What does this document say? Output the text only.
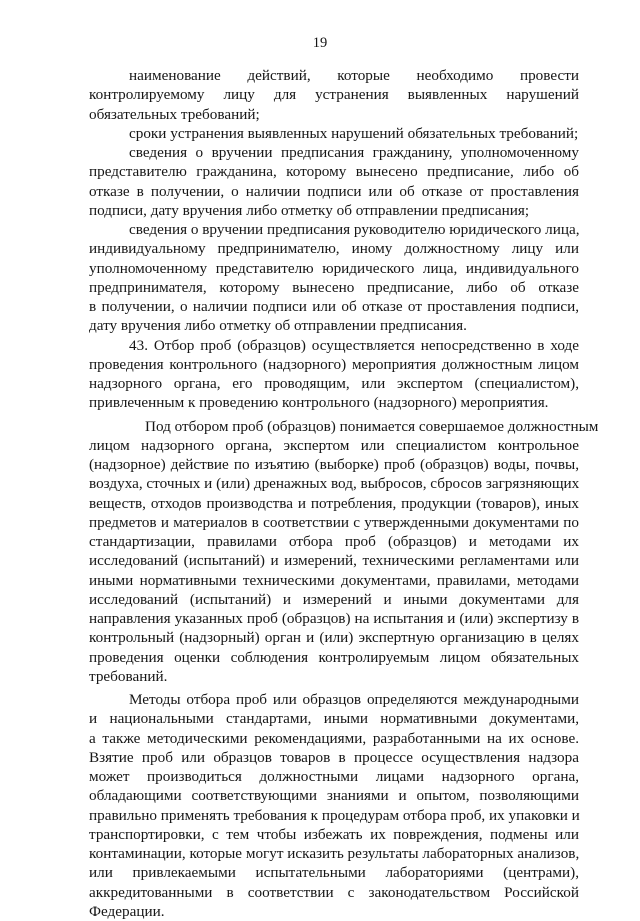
19
наименование действий, которые необходимо провести
контролируемому лицу для устранения выявленных нарушений
обязательных требований;
сроки устранения выявленных нарушений обязательных требований;
сведения о вручении предписания гражданину, уполномоченному
представителю гражданина, которому вынесено предписание, либо об
отказе в получении, о наличии подписи или об отказе от проставления
подписи, дату вручения либо отметку об отправлении предписания;
сведения о вручении предписания руководителю юридического лица,
индивидуальному предпринимателю, иному должностному лицу или
уполномоченному представителю юридического лица, индивидуального
предпринимателя, которому вынесено предписание, либо об отказе
в получении, о наличии подписи или об отказе от проставления подписи,
дату вручения либо отметку об отправлении предписания.
43. Отбор проб (образцов) осуществляется непосредственно в ходе
проведения контрольного (надзорного) мероприятия должностным лицом
надзорного органа, его проводящим, или экспертом (специалистом),
привлеченным к проведению контрольного (надзорного) мероприятия.
Под отбором проб (образцов) понимается совершаемое должностным
лицом надзорного органа, экспертом или специалистом контрольное
(надзорное) действие по изъятию (выборке) проб (образцов) воды, почвы,
воздуха, сточных и (или) дренажных вод, выбросов, сбросов загрязняющих
веществ, отходов производства и потребления, продукции (товаров), иных
предметов и материалов в соответствии с утвержденными документами по
стандартизации, правилами отбора проб (образцов) и методами их
исследований (испытаний) и измерений, техническими регламентами или
иными нормативными техническими документами, правилами, методами
исследований (испытаний) и измерений и иными документами для
направления указанных проб (образцов) на испытания и (или) экспертизу в
контрольный (надзорный) орган и (или) экспертную организацию в целях
проведения оценки соблюдения контролируемым лицом обязательных
требований.
Методы отбора проб или образцов определяются международными
и национальными стандартами, иными нормативными документами,
а также методическими рекомендациями, разработанными на их основе.
Взятие проб или образцов товаров в процессе осуществления надзора
может производиться должностными лицами надзорного органа,
обладающими соответствующими знаниями и опытом, позволяющими
правильно применять требования к процедурам отбора проб, их упаковки и
транспортировки, с тем чтобы избежать их повреждения, подмены или
контаминации, которые могут исказить результаты лабораторных анализов,
или привлекаемыми испытательными лабораториями (центрами),
аккредитованными в соответствии с законодательством Российской
Федерации.
